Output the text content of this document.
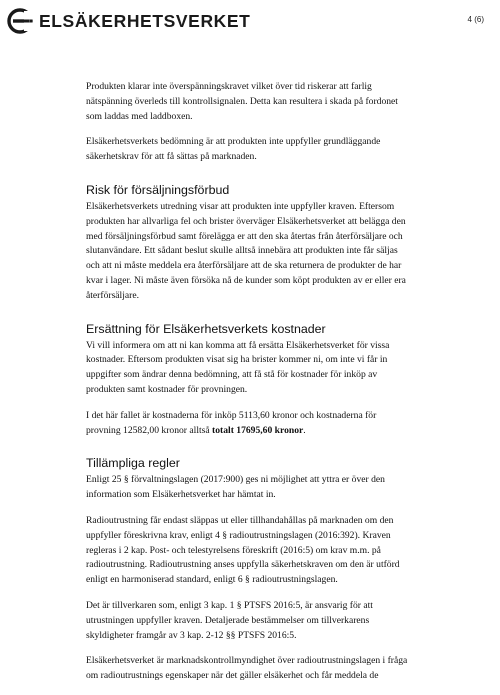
ELSÄKERHETSVERKET	4 (6)

Produkten klarar inte överspänningskravet vilket över tid riskerar att farlig nätspänning överleds till kontrollsignalen. Detta kan resultera i skada på fordonet som laddas med laddboxen.

Elsäkerhetsverkets bedömning är att produkten inte uppfyller grundläggande säkerhetskrav för att få sättas på marknaden.

Risk för försäljningsförbud

Elsäkerhetsverkets utredning visar att produkten inte uppfyller kraven. Eftersom produkten har allvarliga fel och brister överväger Elsäkerhetsverket att belägga den med försäljningsförbud samt förelägga er att den ska återtas från återförsäljare och slutanvändare. Ett sådant beslut skulle alltså innebära att produkten inte får säljas och att ni måste meddela era återförsäljare att de ska returnera de produkter de har kvar i lager. Ni måste även försöka nå de kunder som köpt produkten av er eller era återförsäljare.

Ersättning för Elsäkerhetsverkets kostnader

Vi vill informera om att ni kan komma att få ersätta Elsäkerhetsverket för vissa kostnader. Eftersom produkten visat sig ha brister kommer ni, om inte vi får in uppgifter som ändrar denna bedömning, att få stå för kostnader för inköp av produkten samt kostnader för provningen.

I det här fallet är kostnaderna för inköp 5113,60 kronor och kostnaderna för provning 12582,00 kronor alltså totalt 17695,60 kronor.

Tillämpliga regler

Enligt 25 § förvaltningslagen (2017:900) ges ni möjlighet att yttra er över den information som Elsäkerhetsverket har hämtat in.

Radioutrustning får endast släppas ut eller tillhandahållas på marknaden om den uppfyller föreskrivna krav, enligt 4 § radioutrustningslagen (2016:392). Kraven regleras i 2 kap. Post- och telestyrelsens föreskrift (2016:5) om krav m.m. på radioutrustning. Radioutrustning anses uppfylla säkerhetskraven om den är utförd enligt en harmoniserad standard, enligt 6 § radioutrustningslagen.

Det är tillverkaren som, enligt 3 kap. 1 § PTSFS 2016:5, är ansvarig för att utrustningen uppfyller kraven. Detaljerade bestämmelser om tillverkarens skyldigheter framgår av 3 kap. 2-12 §§ PTSFS 2016:5.

Elsäkerhetsverket är marknadskontrollmyndighet över radioutrustningslagen i fråga om radioutrustnings egenskaper när det gäller elsäkerhet och får meddela de
